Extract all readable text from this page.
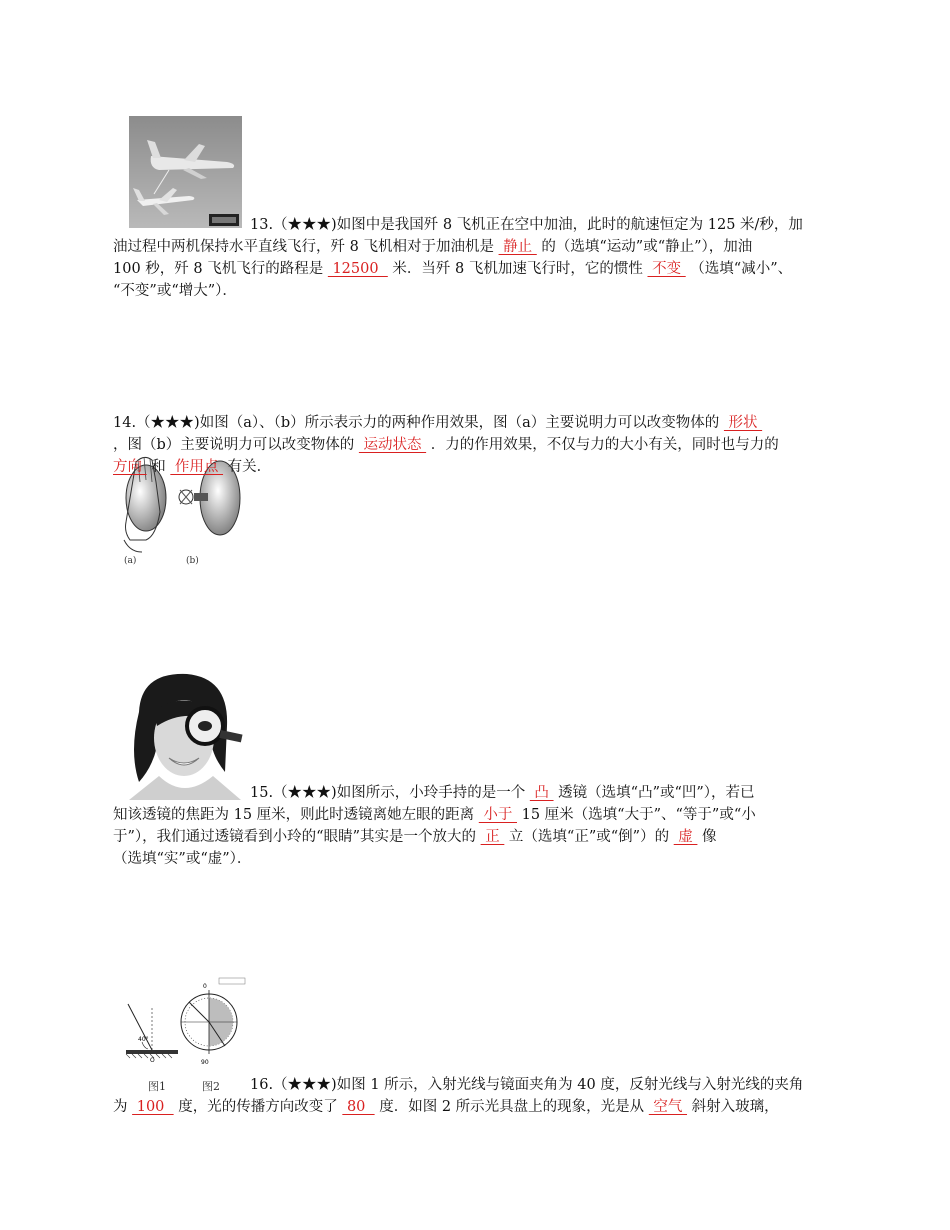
13.（★★★)如图中是我国歼 8 飞机正在空中加油，此时的航速恒定为 125 米/秒，加
油过程中两机保持水平直线飞行，歼 8 飞机相对于加油机是  静止  的（选填“运动”或“静止”），加油
100 秒，歼 8 飞机飞行的路程是  12500   米．当歼 8 飞机加速飞行时，它的惯性  不变  （选填“减小”、
“不变”或“增大”）．
(a)	(b)
14.（★★★)如图（a）、（b）所示表示力的两种作用效果，图（a）主要说明力可以改变物体的  形状
，图（b）主要说明力可以改变物体的  运动状态  ．力的作用效果，不仅与力的大小有关，同时也与力的
方向  和  作用点  有关．
15.（★★★)如图所示，小玲手持的是一个  凸  透镜（选填“凸”或“凹”），若已
知该透镜的焦距为 15 厘米，则此时透镜离她左眼的距离  小于  15 厘米（选填“大于”、“等于”或“小
于”），我们通过透镜看到小玲的“眼睛”其实是一个放大的  正  立（选填“正”或“倒”）的  虚  像
（选填“实”或“虚”）．
40°
O
0
90
图1	图2 16.（★★★)如图 1 所示，入射光线与镜面夹角为 40 度，反射光线与入射光线的夹角
为  100   度，光的传播方向改变了  80   度．如图 2 所示光具盘上的现象，光是从  空气  斜射入玻璃，
